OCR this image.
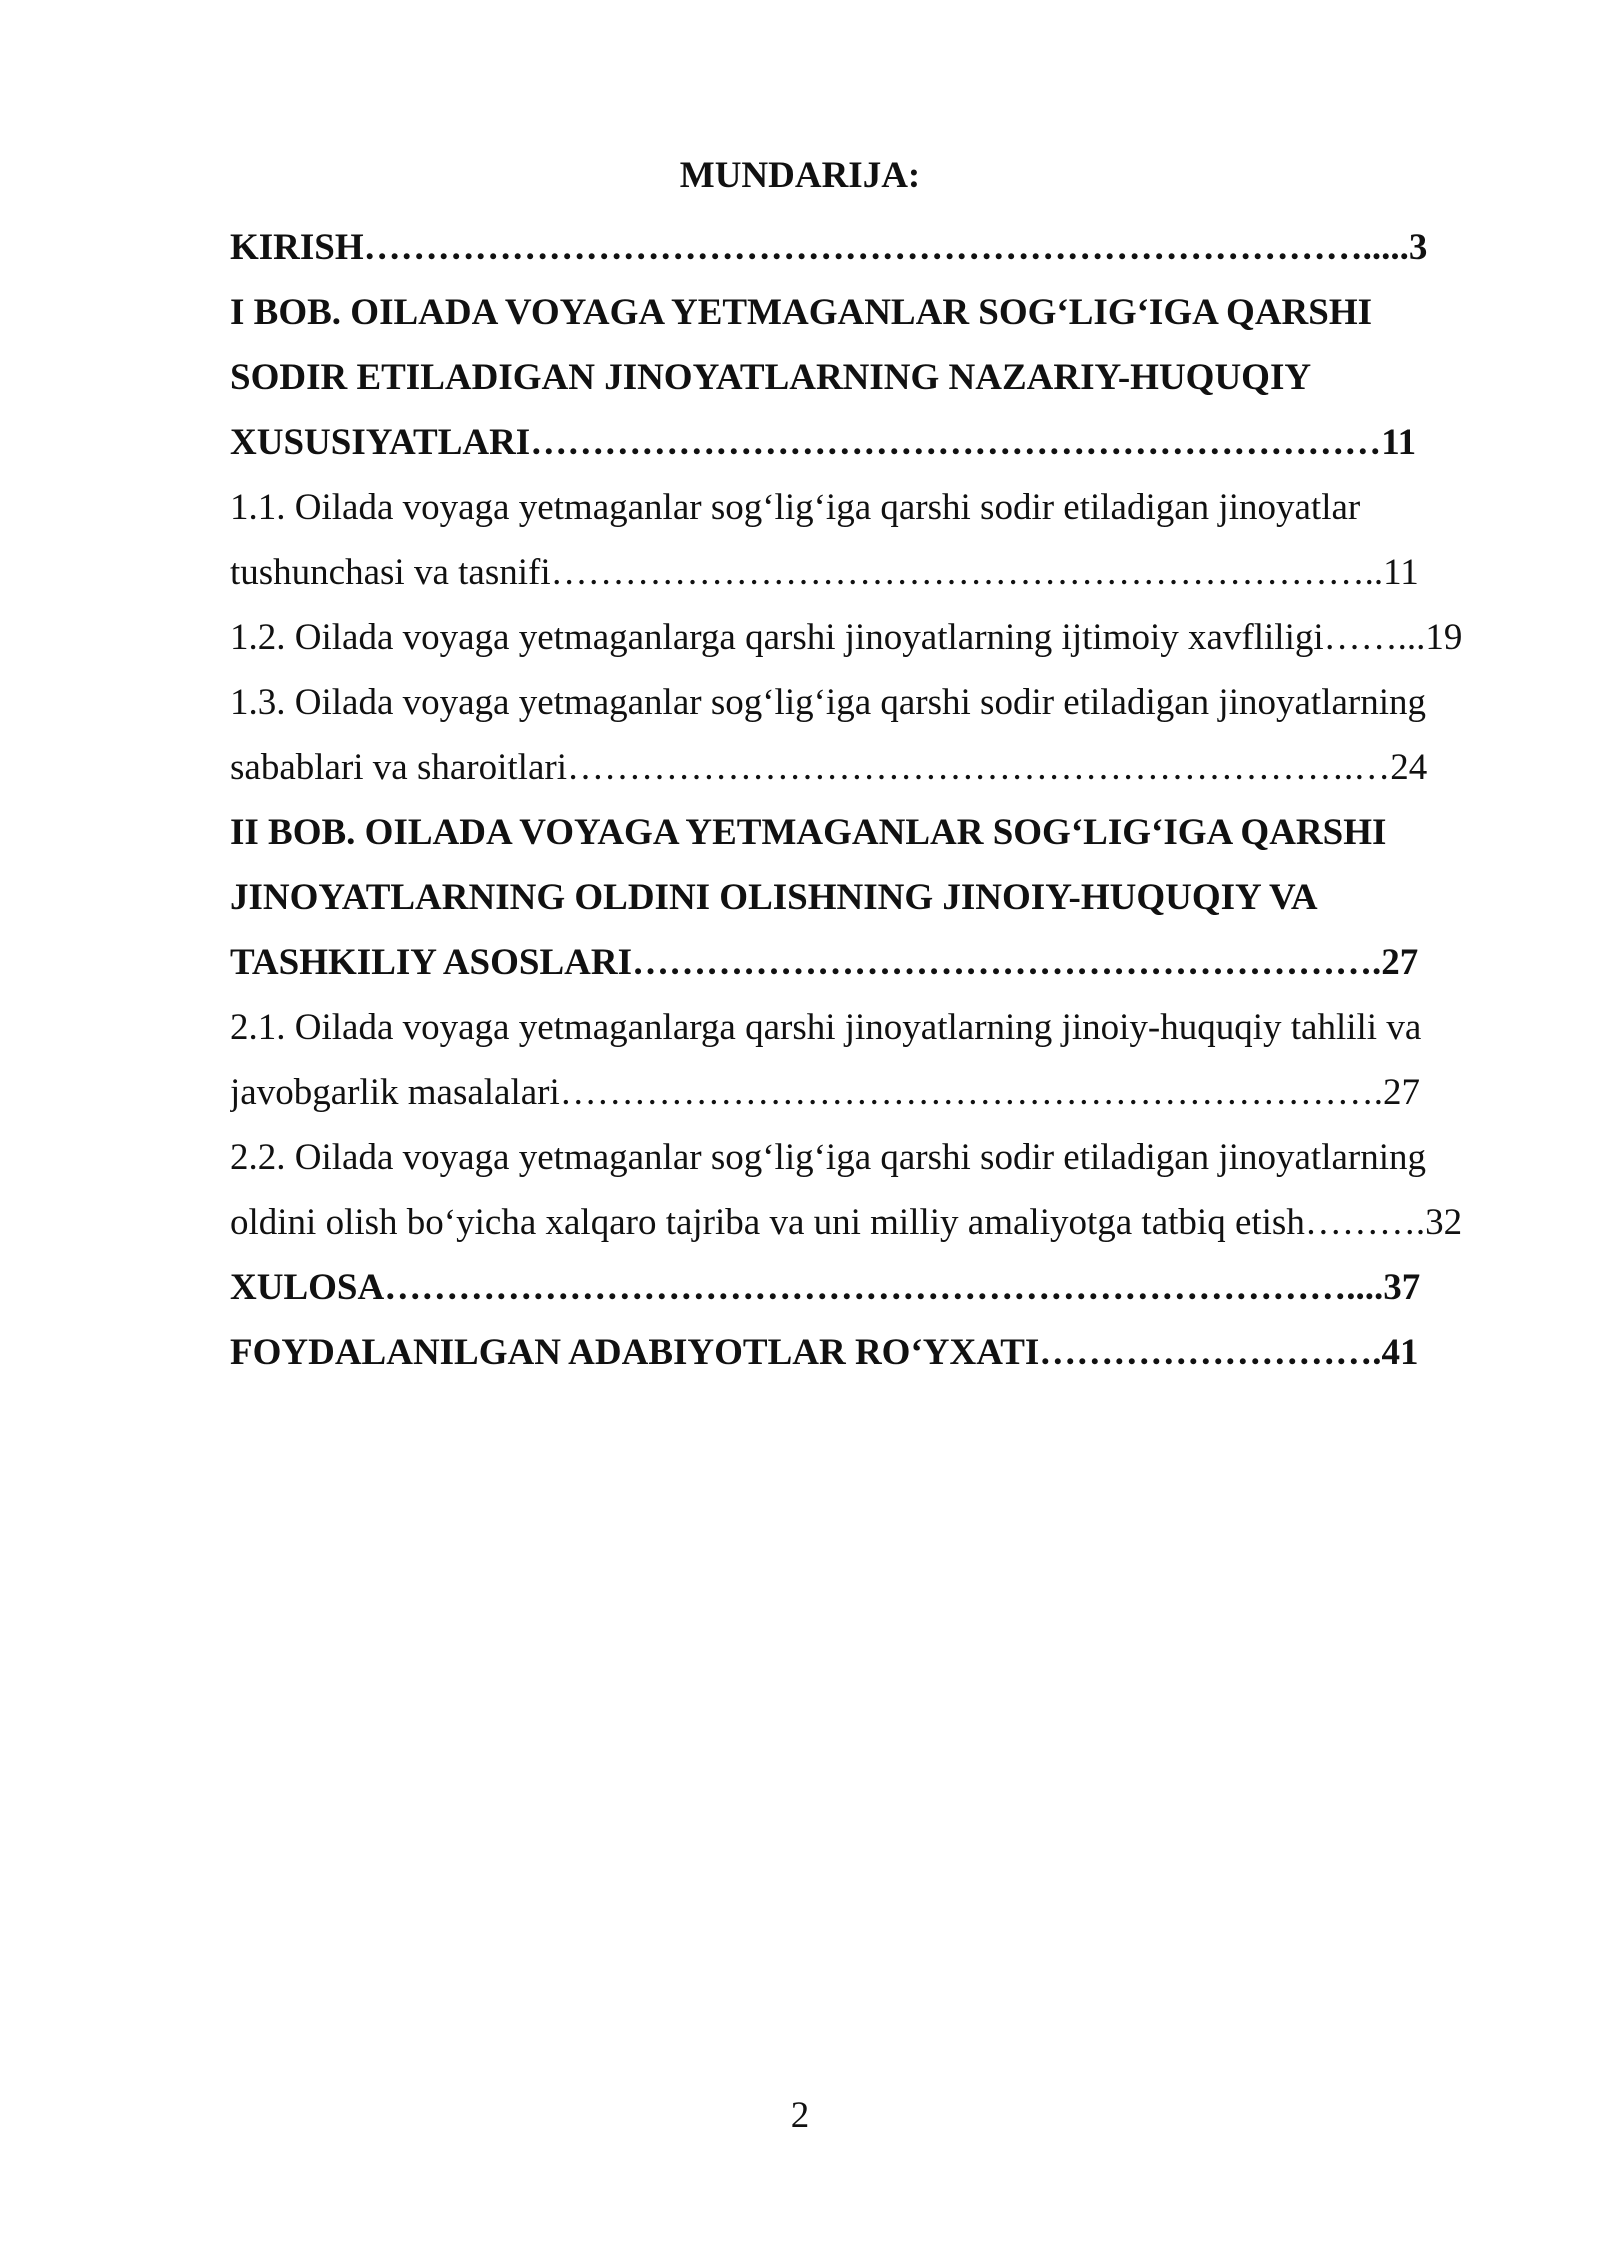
MUNDARIJA:
KIRISH……………………………………………………………………….....3
I BOB. OILADA VOYAGA YETMAGANLAR SOG‘LIG‘IGA QARSHI
SODIR ETILADIGAN JINOYATLARNING NAZARIY-HUQUQIY
XUSUSIYATLARI……………………………………………………………11
1.1. Oilada voyaga yetmaganlar sog‘lig‘iga qarshi sodir etiladigan jinoyatlar
tushunchasi va tasnifi…………………………………………………………..11
1.2. Oilada voyaga yetmaganlarga qarshi jinoyatlarning ijtimoiy xavfliligi……...19
1.3. Oilada voyaga yetmaganlar sog‘lig‘iga qarshi sodir etiladigan jinoyatlarning
sabablari va sharoitlari……………………………………………………….…24
II BOB. OILADA VOYAGA YETMAGANLAR SOG‘LIG‘IGA QARSHI
JINOYATLARNING OLDINI OLISHNING JINOIY-HUQUQIY VA
TASHKILIY ASOSLARI…………………………………………………….27
2.1. Oilada voyaga yetmaganlarga qarshi jinoyatlarning jinoiy-huquqiy tahlili va
javobgarlik masalalari………………………………………………………….27
2.2. Oilada voyaga yetmaganlar sog‘lig‘iga qarshi sodir etiladigan jinoyatlarning
oldini olish bo‘yicha xalqaro tajriba va uni milliy amaliyotga tatbiq etish……….32
XULOSA……………………………………………………………………....37
FOYDALANILGAN ADABIYOTLAR RO‘YXATI……………………….41
2
